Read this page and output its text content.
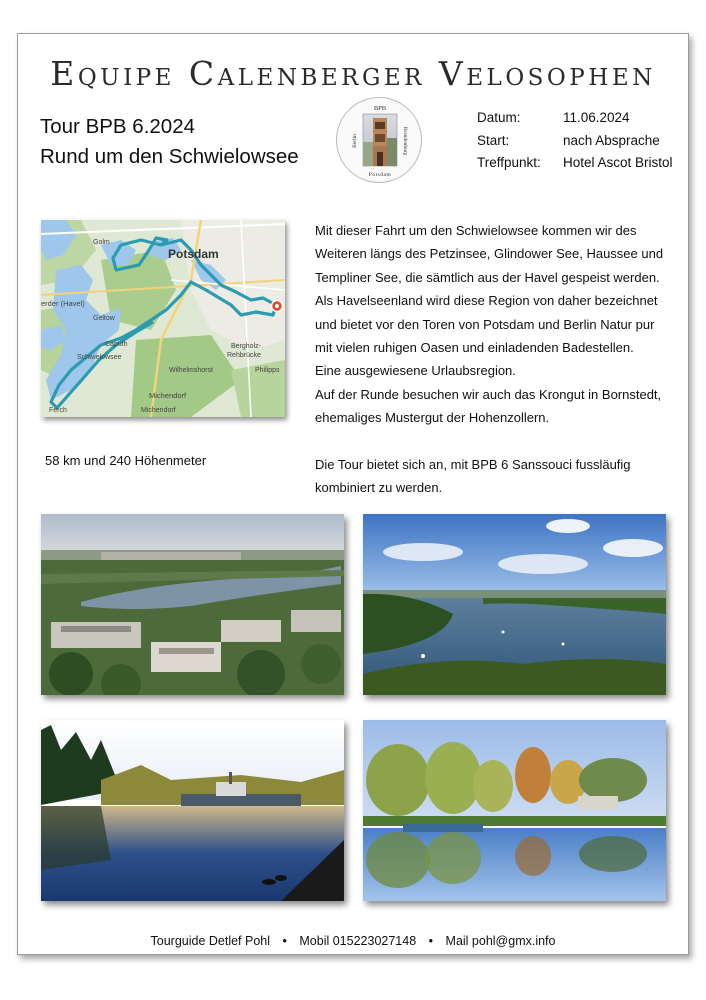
Equipe Calenberger Velosophen
Tour BPB 6.2024
Rund um den Schwielowsee
BPB
Potsdam
Berlin	Brandenburg
Datum:	11.06.2024
Start:	nach Absprache
Treffpunkt:	Hotel Ascot Bristol
Potsdam
Golm
erder (Havel)
Geltow
Caputh
Schwielowsee
Wilhelmshorst
Bergholz-
Rehbrücke
Philipps
Michendorf
Michendorf
Ferch
58 km und 240 Höhenmeter

Mit dieser Fahrt um den Schwielowsee kommen wir des Weiteren längs des Petzinsee, Glindower See, Haussee und Templiner See, die sämtlich aus der Havel gespeist werden. Als Havelseenland wird diese Region von daher bezeichnet und bietet vor den Toren von Potsdam und Berlin Natur pur mit vielen ruhigen Oasen und einladenden Badestellen.

Eine ausgewiesene Urlaubsregion.

Auf der Runde besuchen wir auch das Krongut in Bornstedt, ehemaliges Mustergut der Hohenzollern.

Die Tour bietet sich an, mit BPB 6 Sanssouci fussläufig kombiniert zu werden.

Tourguide Detlef Pohl • Mobil 015223027148 • Mail pohl@gmx.info
